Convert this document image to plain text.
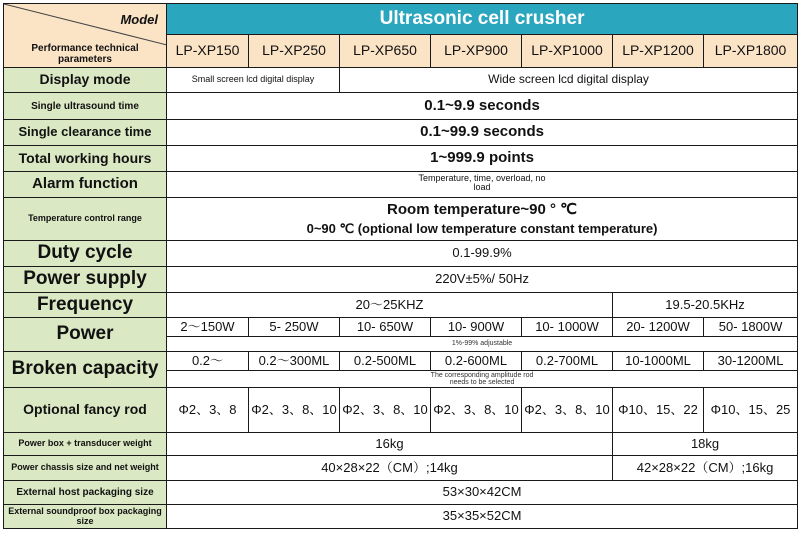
Model
Performance technical parameters	Ultrasonic cell crusher						
	LP-XP150	LP-XP250	LP-XP650	LP-XP900	LP-XP1000	LP-XP1200	LP-XP1800
Display mode	Small screen lcd digital display		Wide screen lcd digital display				
Single ultrasound time	0.1~9.9 seconds						
Single clearance time	0.1~99.9 seconds						
Total working hours	1~999.9 points						
Alarm function	Temperature, time, overload, no load						
Temperature control range	Room temperature~90 ° ℃
0~90 ℃ (optional low temperature constant temperature)						

Duty cycle	0.1-99.9%						
Power supply	220V±5%/ 50Hz						
Frequency	20～25KHZ					19.5-20.5KHz	
Power	2～150W	5- 250W	10- 650W	10- 900W	10- 1000W	20- 1200W	50- 1800W

	1%-99% adjustable						

Broken capacity	0.2～	0.2～300ML	0.2-500ML	0.2-600ML	0.2-700ML	10-1000ML	30-1200ML

	The corresponding amplitude rod needs to be selected						

Optional fancy rod	Φ2、3、8	Φ2、3、8、10	Φ2、3、8、10	Φ2、3、8、10	Φ2、3、8、10	Φ10、15、22	Φ10、15、25
Power box + transducer weight	16kg					18kg	
Power chassis size and net weight	40×28×22（CM）;14kg					42×28×22（CM）;16kg	
External host packaging size	53×30×42CM						
External soundproof box packaging size	35×35×52CM						
